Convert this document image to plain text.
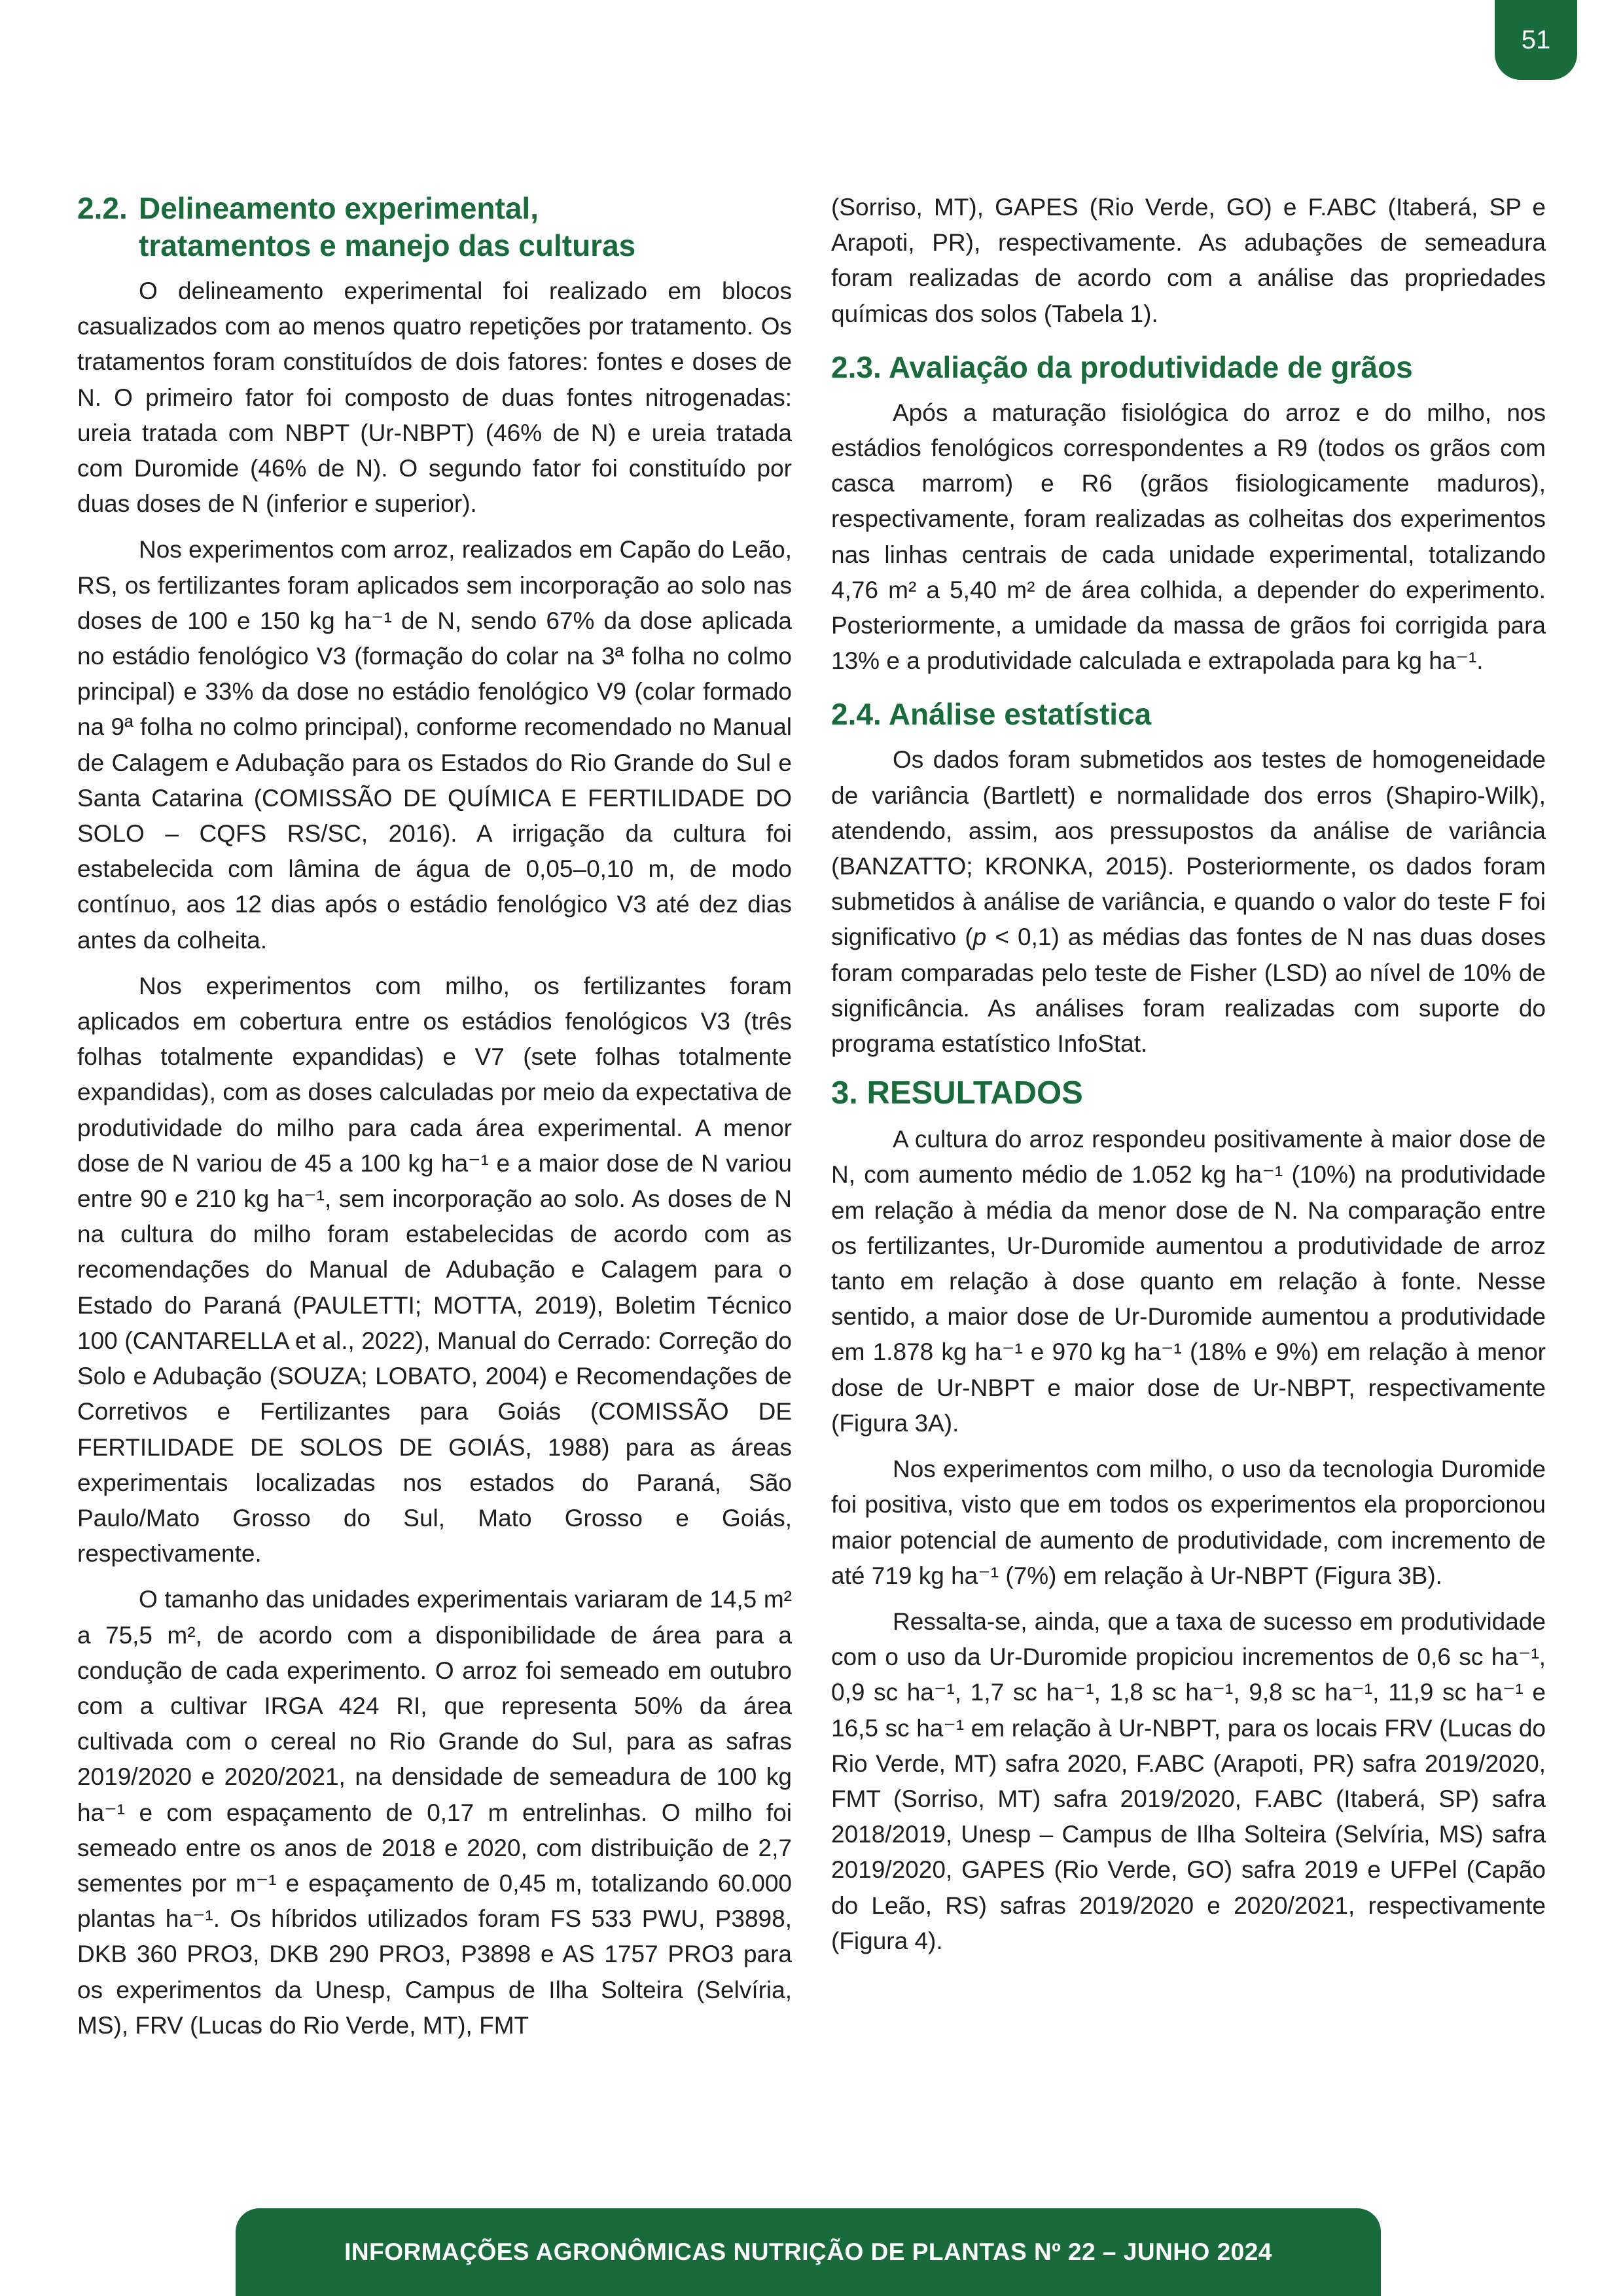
51
2.2. Delineamento experimental,
tratamentos e manejo das culturas

O delineamento experimental foi realizado em blocos casualizados com ao menos quatro repetições por tratamento. Os tratamentos foram constituídos de dois fatores: fontes e doses de N. O primeiro fator foi composto de duas fontes nitrogenadas: ureia tratada com NBPT (Ur-NBPT) (46% de N) e ureia tratada com Duromide (46% de N). O segundo fator foi constituído por duas doses de N (inferior e superior).

Nos experimentos com arroz, realizados em Capão do Leão, RS, os fertilizantes foram aplicados sem incorporação ao solo nas doses de 100 e 150 kg ha⁻¹ de N, sendo 67% da dose aplicada no estádio fenológico V3 (formação do colar na 3ª folha no colmo principal) e 33% da dose no estádio fenológico V9 (colar formado na 9ª folha no colmo principal), conforme recomendado no Manual de Calagem e Adubação para os Estados do Rio Grande do Sul e Santa Catarina (COMISSÃO DE QUÍMICA E FERTILIDADE DO SOLO – CQFS RS/SC, 2016). A irrigação da cultura foi estabelecida com lâmina de água de 0,05–0,10 m, de modo contínuo, aos 12 dias após o estádio fenológico V3 até dez dias antes da colheita.

Nos experimentos com milho, os fertilizantes foram aplicados em cobertura entre os estádios fenológicos V3 (três folhas totalmente expandidas) e V7 (sete folhas totalmente expandidas), com as doses calculadas por meio da expectativa de produtividade do milho para cada área experimental. A menor dose de N variou de 45 a 100 kg ha⁻¹ e a maior dose de N variou entre 90 e 210 kg ha⁻¹, sem incorporação ao solo. As doses de N na cultura do milho foram estabelecidas de acordo com as recomendações do Manual de Adubação e Calagem para o Estado do Paraná (PAULETTI; MOTTA, 2019), Boletim Técnico 100 (CANTARELLA et al., 2022), Manual do Cerrado: Correção do Solo e Adubação (SOUZA; LOBATO, 2004) e Recomendações de Corretivos e Fertilizantes para Goiás (COMISSÃO DE FERTILIDADE DE SOLOS DE GOIÁS, 1988) para as áreas experimentais localizadas nos estados do Paraná, São Paulo/Mato Grosso do Sul, Mato Grosso e Goiás, respectivamente.

O tamanho das unidades experimentais variaram de 14,5 m² a 75,5 m², de acordo com a disponibilidade de área para a condução de cada experimento. O arroz foi semeado em outubro com a cultivar IRGA 424 RI, que representa 50% da área cultivada com o cereal no Rio Grande do Sul, para as safras 2019/2020 e 2020/2021, na densidade de semeadura de 100 kg ha⁻¹ e com espaçamento de 0,17 m entrelinhas. O milho foi semeado entre os anos de 2018 e 2020, com distribuição de 2,7 sementes por m⁻¹ e espaçamento de 0,45 m, totalizando 60.000 plantas ha⁻¹. Os híbridos utilizados foram FS 533 PWU, P3898, DKB 360 PRO3, DKB 290 PRO3, P3898 e AS 1757 PRO3 para os experimentos da Unesp, Campus de Ilha Solteira (Selvíria, MS), FRV (Lucas do Rio Verde, MT), FMT

(Sorriso, MT), GAPES (Rio Verde, GO) e F.ABC (Itaberá, SP e Arapoti, PR), respectivamente. As adubações de semeadura foram realizadas de acordo com a análise das propriedades químicas dos solos (Tabela 1).

2.3. Avaliação da produtividade de grãos

Após a maturação fisiológica do arroz e do milho, nos estádios fenológicos correspondentes a R9 (todos os grãos com casca marrom) e R6 (grãos fisiologicamente maduros), respectivamente, foram realizadas as colheitas dos experimentos nas linhas centrais de cada unidade experimental, totalizando 4,76 m² a 5,40 m² de área colhida, a depender do experimento. Posteriormente, a umidade da massa de grãos foi corrigida para 13% e a produtividade calculada e extrapolada para kg ha⁻¹.

2.4. Análise estatística

Os dados foram submetidos aos testes de homogeneidade de variância (Bartlett) e normalidade dos erros (Shapiro-Wilk), atendendo, assim, aos pressupostos da análise de variância (BANZATTO; KRONKA, 2015). Posteriormente, os dados foram submetidos à análise de variância, e quando o valor do teste F foi significativo (p < 0,1) as médias das fontes de N nas duas doses foram comparadas pelo teste de Fisher (LSD) ao nível de 10% de significância. As análises foram realizadas com suporte do programa estatístico InfoStat.

3. RESULTADOS

A cultura do arroz respondeu positivamente à maior dose de N, com aumento médio de 1.052 kg ha⁻¹ (10%) na produtividade em relação à média da menor dose de N. Na comparação entre os fertilizantes, Ur-Duromide aumentou a produtividade de arroz tanto em relação à dose quanto em relação à fonte. Nesse sentido, a maior dose de Ur-Duromide aumentou a produtividade em 1.878 kg ha⁻¹ e 970 kg ha⁻¹ (18% e 9%) em relação à menor dose de Ur-NBPT e maior dose de Ur-NBPT, respectivamente (Figura 3A).

Nos experimentos com milho, o uso da tecnologia Duromide foi positiva, visto que em todos os experimentos ela proporcionou maior potencial de aumento de produtividade, com incremento de até 719 kg ha⁻¹ (7%) em relação à Ur-NBPT (Figura 3B).

Ressalta-se, ainda, que a taxa de sucesso em produtividade com o uso da Ur-Duromide propiciou incrementos de 0,6 sc ha⁻¹, 0,9 sc ha⁻¹, 1,7 sc ha⁻¹, 1,8 sc ha⁻¹, 9,8 sc ha⁻¹, 11,9 sc ha⁻¹ e 16,5 sc ha⁻¹ em relação à Ur-NBPT, para os locais FRV (Lucas do Rio Verde, MT) safra 2020, F.ABC (Arapoti, PR) safra 2019/2020, FMT (Sorriso, MT) safra 2019/2020, F.ABC (Itaberá, SP) safra 2018/2019, Unesp – Campus de Ilha Solteira (Selvíria, MS) safra 2019/2020, GAPES (Rio Verde, GO) safra 2019 e UFPel (Capão do Leão, RS) safras 2019/2020 e 2020/2021, respectivamente (Figura 4).

INFORMAÇÕES AGRONÔMICAS NUTRIÇÃO DE PLANTAS Nº 22 – JUNHO 2024
